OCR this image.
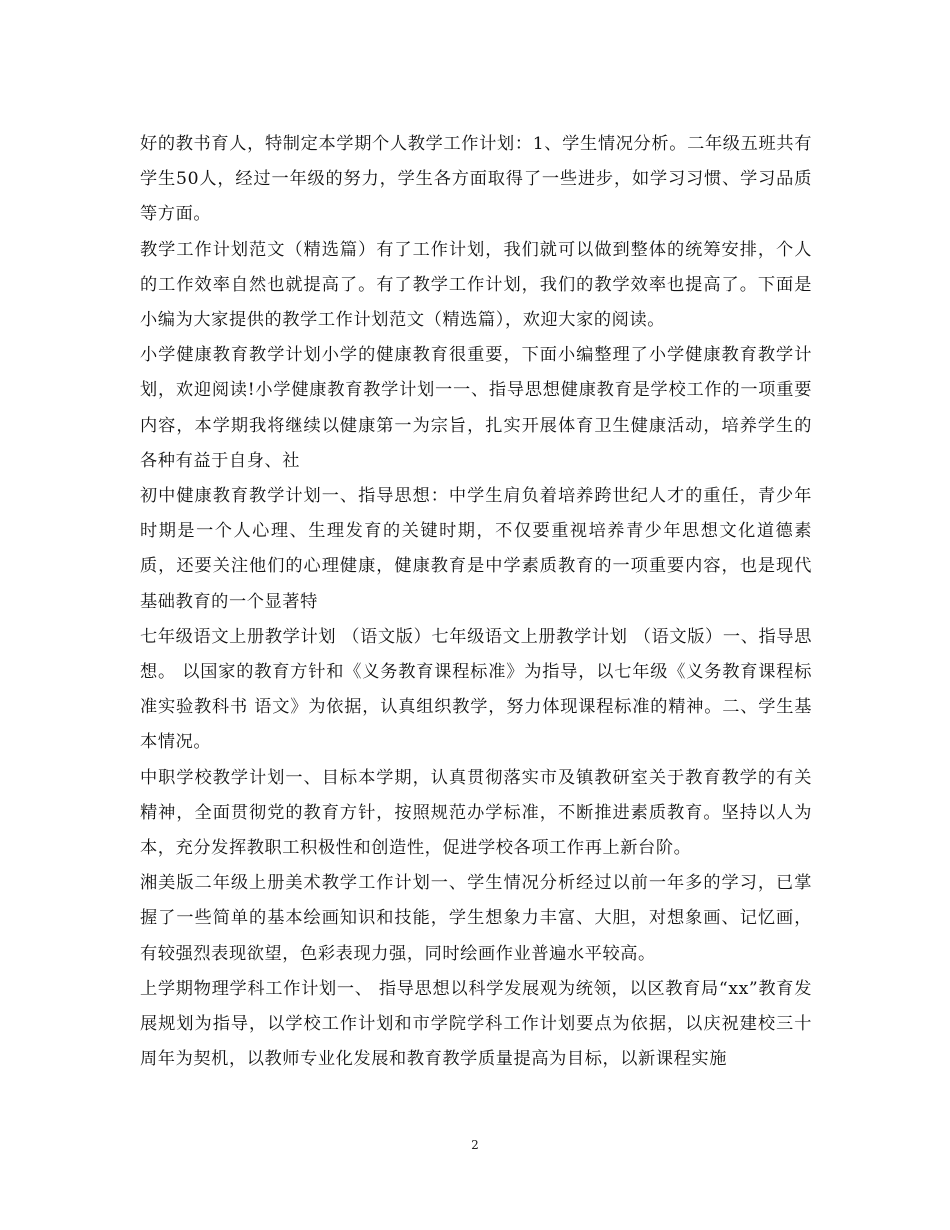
好的教书育人，特制定本学期个人教学工作计划：1、学生情况分析。二年级五班共有学生50人，经过一年级的努力，学生各方面取得了一些进步，如学习习惯、学习品质等方面。

教学工作计划范文（精选篇）有了工作计划，我们就可以做到整体的统筹安排，个人的工作效率自然也就提高了。有了教学工作计划，我们的教学效率也提高了。下面是小编为大家提供的教学工作计划范文（精选篇），欢迎大家的阅读。

小学健康教育教学计划小学的健康教育很重要，下面小编整理了小学健康教育教学计划，欢迎阅读!小学健康教育教学计划一一、指导思想健康教育是学校工作的一项重要内容，本学期我将继续以健康第一为宗旨，扎实开展体育卫生健康活动，培养学生的各种有益于自身、社

初中健康教育教学计划一、指导思想：中学生肩负着培养跨世纪人才的重任，青少年时期是一个人心理、生理发育的关键时期，不仅要重视培养青少年思想文化道德素质，还要关注他们的心理健康，健康教育是中学素质教育的一项重要内容，也是现代基础教育的一个显著特

七年级语文上册教学计划 （语文版）七年级语文上册教学计划 （语文版）一、指导思想。 以国家的教育方针和《义务教育课程标准》为指导，以七年级《义务教育课程标准实验教科书 语文》为依据，认真组织教学，努力体现课程标准的精神。二、学生基本情况。

中职学校教学计划一、目标本学期，认真贯彻落实市及镇教研室关于教育教学的有关精神，全面贯彻党的教育方针，按照规范办学标准，不断推进素质教育。坚持以人为本，充分发挥教职工积极性和创造性，促进学校各项工作再上新台阶。

湘美版二年级上册美术教学工作计划一、学生情况分析经过以前一年多的学习，已掌握了一些简单的基本绘画知识和技能，学生想象力丰富、大胆，对想象画、记忆画，有较强烈表现欲望，色彩表现力强，同时绘画作业普遍水平较高。

上学期物理学科工作计划一、 指导思想以科学发展观为统领，以区教育局“xx”教育发展规划为指导，以学校工作计划和市学院学科工作计划要点为依据，以庆祝建校三十周年为契机，以教师专业化发展和教育教学质量提高为目标，以新课程实施

2
